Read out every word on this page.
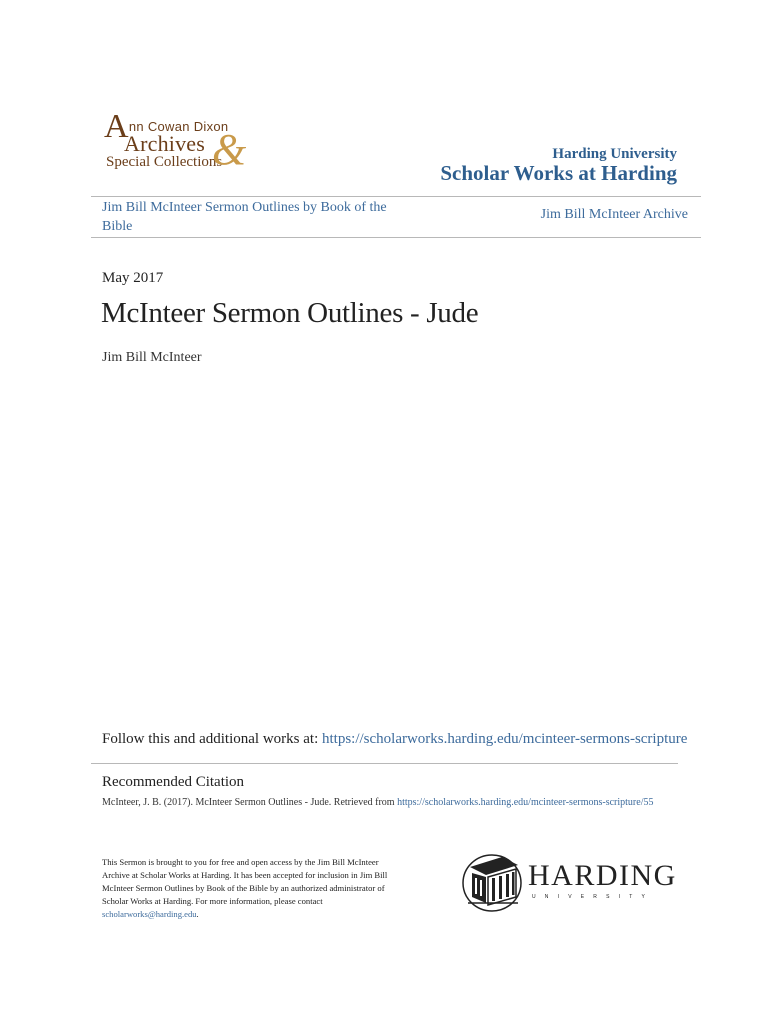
Ann Cowan Dixon
Archives
Special Collections
&	Harding University
Scholar Works at Harding
Jim Bill McInteer Sermon Outlines by Book of the Bible
Jim Bill McInteer Archive
May 2017
McInteer Sermon Outlines - Jude
Jim Bill McInteer
Follow this and additional works at: https://scholarworks.harding.edu/mcinteer-sermons-scripture
Recommended Citation
McInteer, J. B. (2017). McInteer Sermon Outlines - Jude. Retrieved from https://scholarworks.harding.edu/mcinteer-sermons-scripture/55
This Sermon is brought to you for free and open access by the Jim Bill McInteer Archive at Scholar Works at Harding. It has been accepted for inclusion in Jim Bill McInteer Sermon Outlines by Book of the Bible by an authorized administrator of Scholar Works at Harding. For more information, please contact scholarworks@harding.edu.
HARDING
UNIVERSITY
